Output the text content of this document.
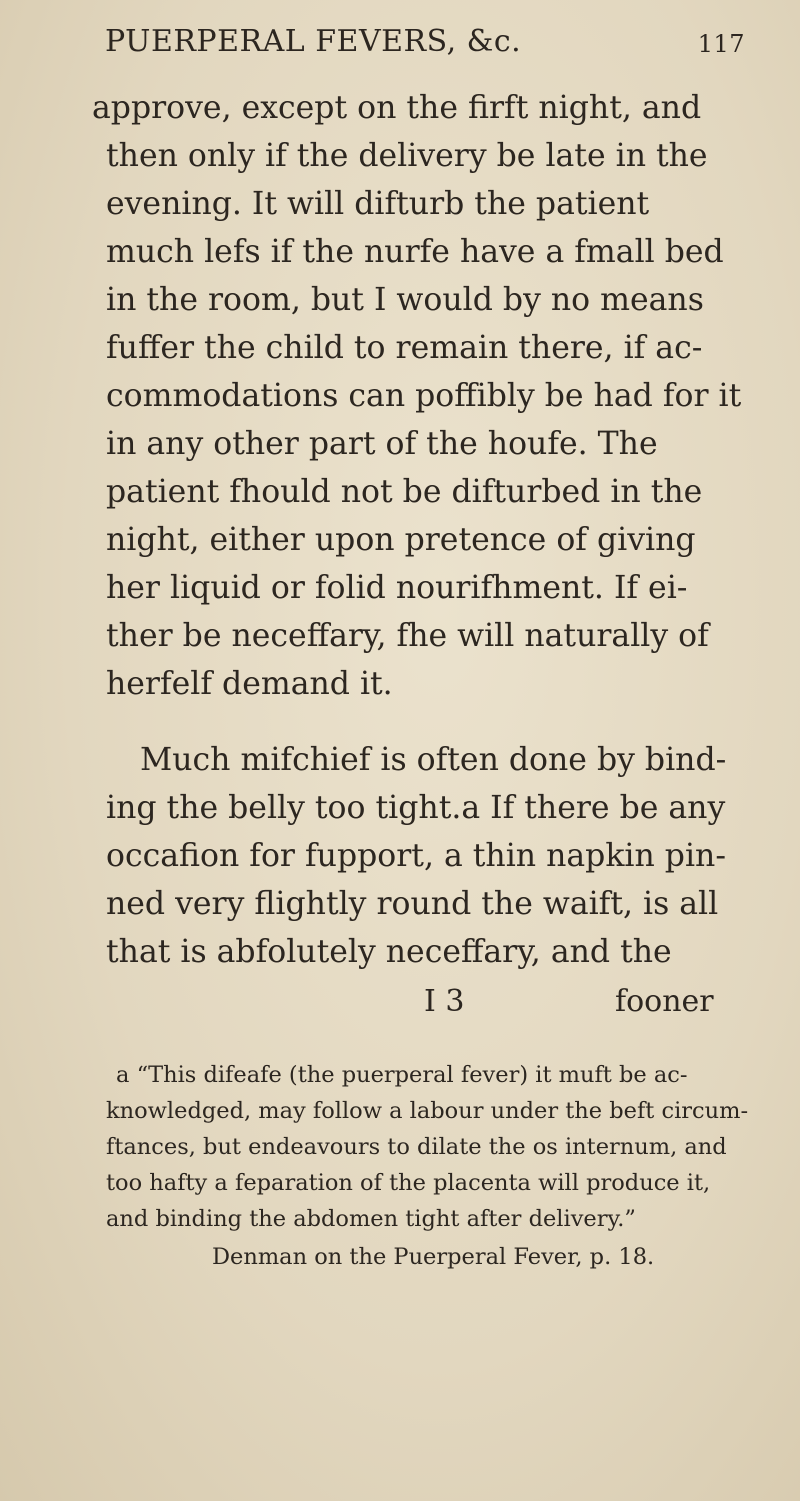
PUERPERAL FEVERS, &c.	117
approve, except on the firft night, and
then only if the delivery be late in the
evening. It will difturb the patient
much lefs if the nurfe have a fmall bed
in the room, but I would by no means
fuffer the child to remain there, if ac-
commodations can poffibly be had for it
in any other part of the houfe. The
patient fhould not be difturbed in the
night, either upon pretence of giving
her liquid or folid nourifhment. If ei-
ther be neceffary, fhe will naturally of
herfelf demand it.
Much mifchief is often done by bind-
ing the belly too tight.a If there be any
occafion for fupport, a thin napkin pin-
ned very flightly round the waift, is all
that is abfolutely neceffary, and the
I 3	fooner
a “This difeafe (the puerperal fever) it muft be ac-
knowledged, may follow a labour under the beft circum-
ftances, but endeavours to dilate the os internum, and
too hafty a feparation of the placenta will produce it,
and binding the abdomen tight after delivery.”
Denman on the Puerperal Fever, p. 18.
